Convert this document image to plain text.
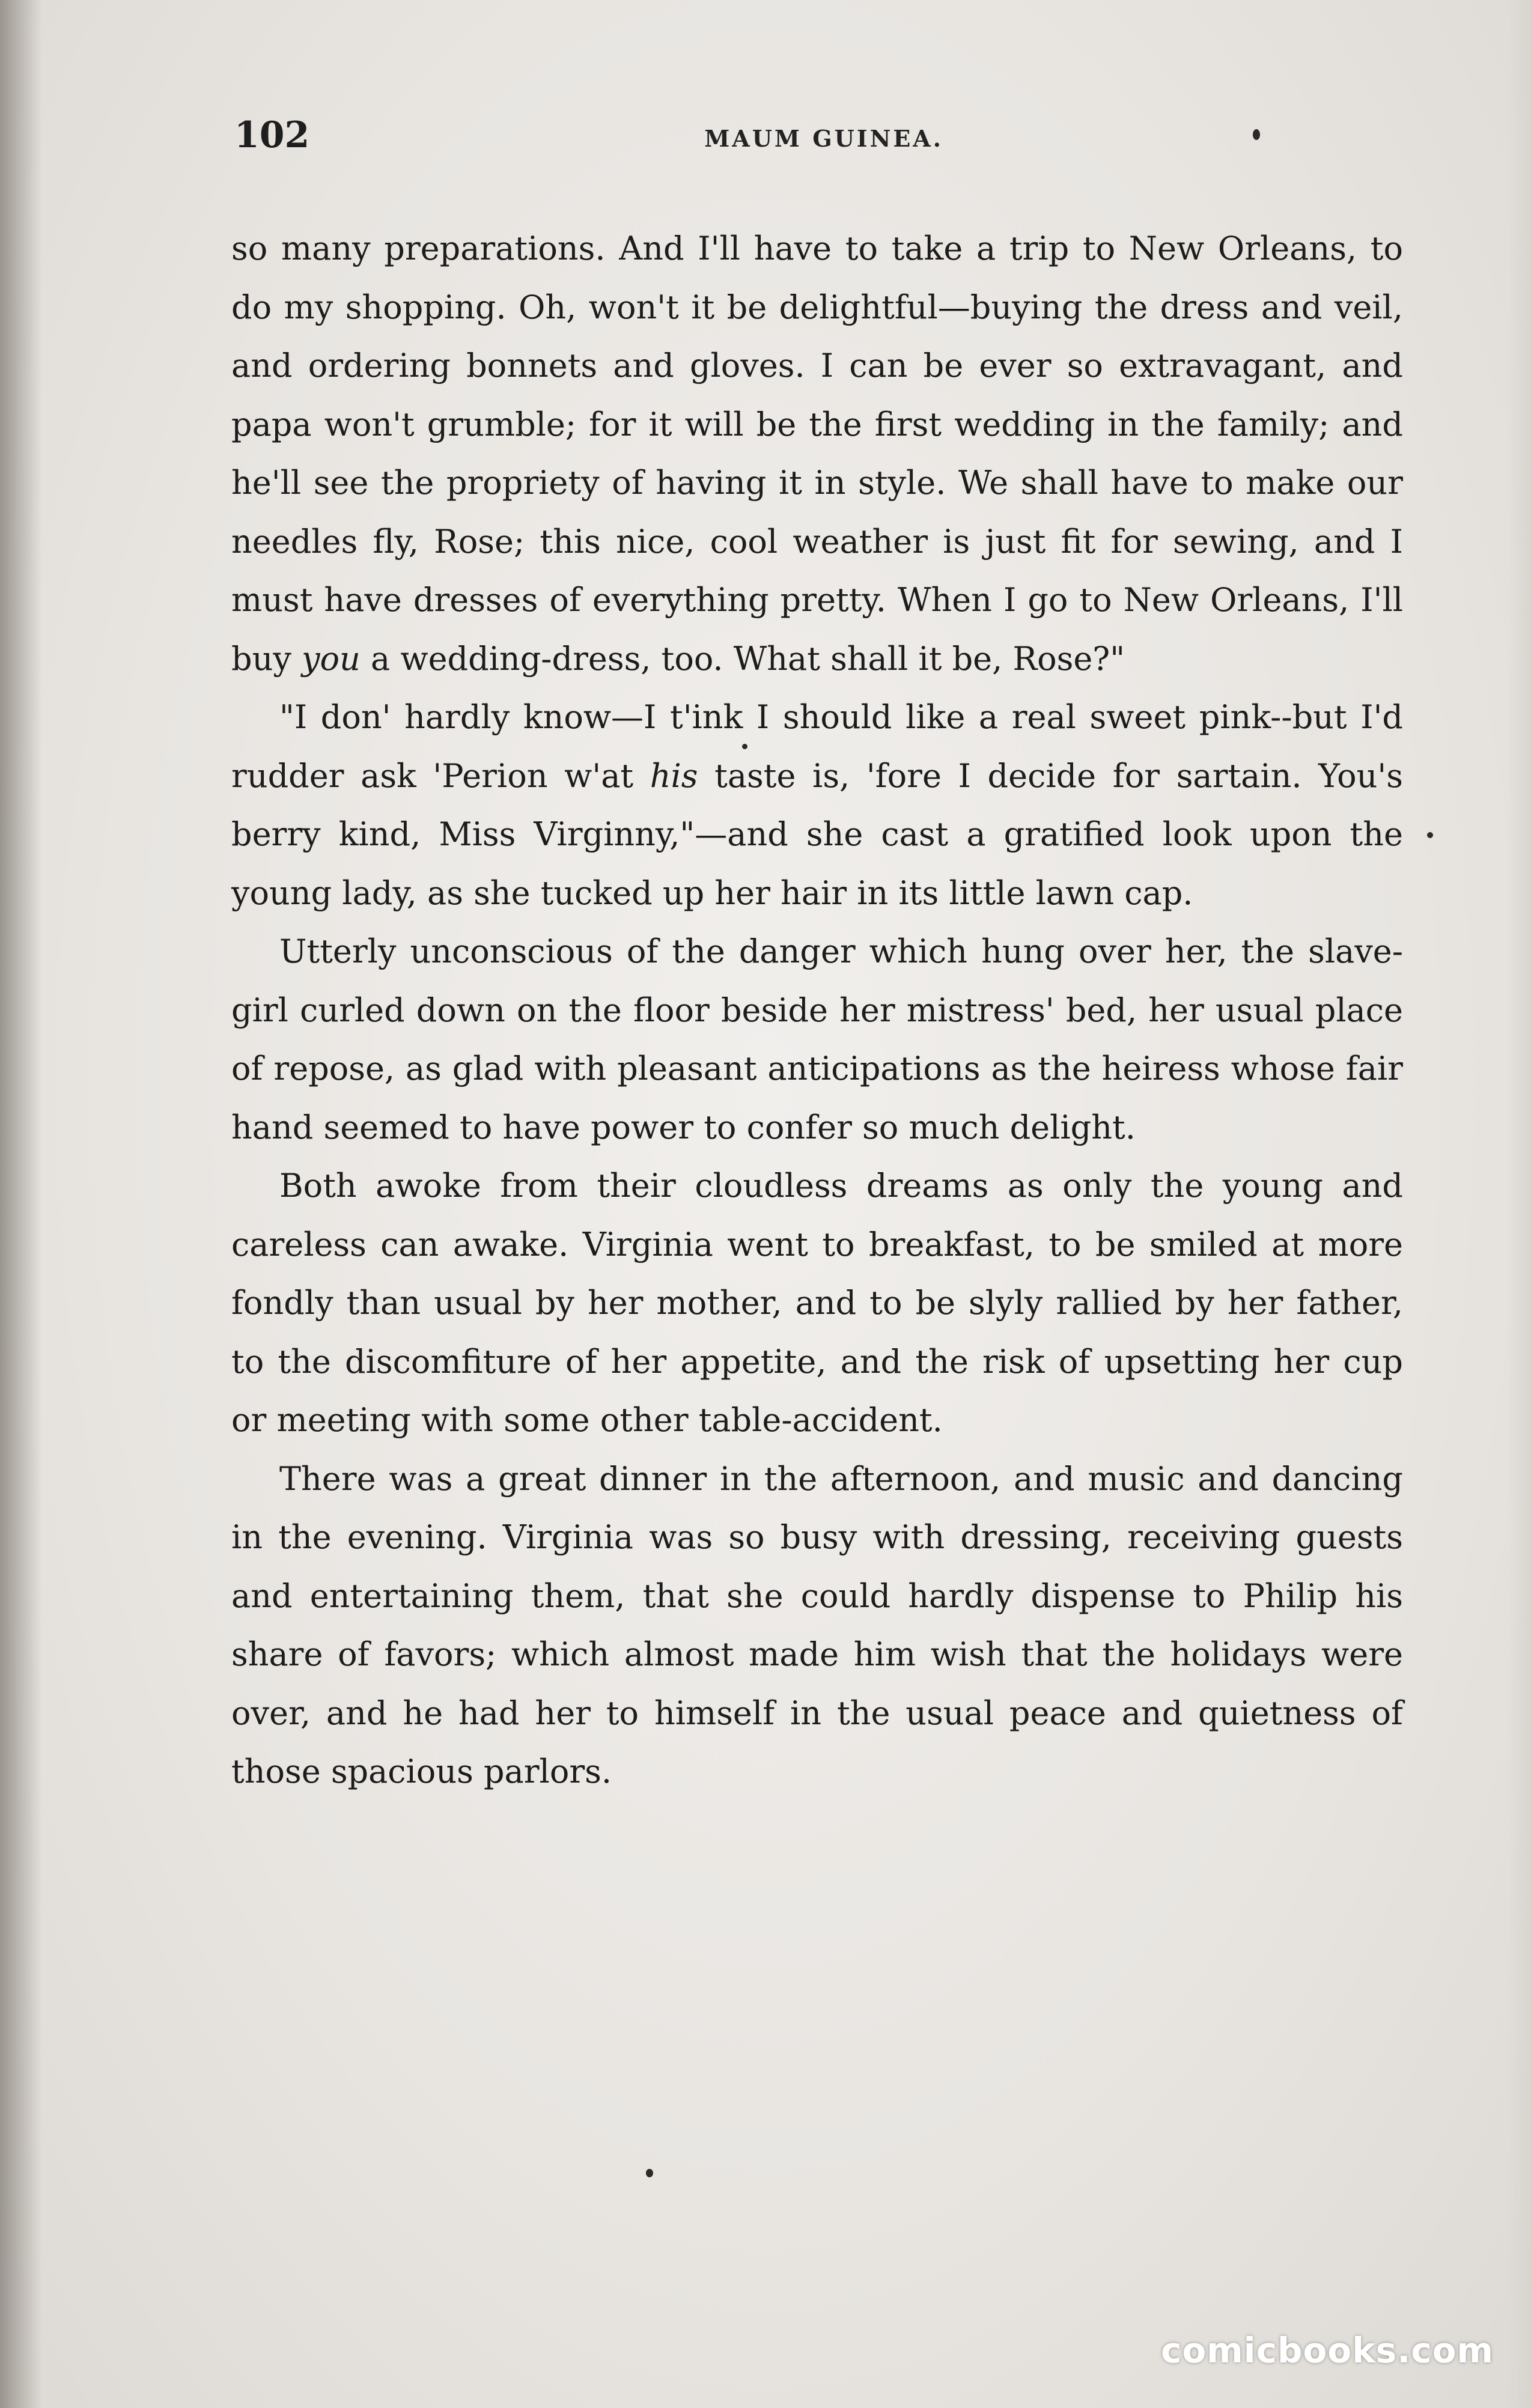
102	MAUM GUINEA.

so many preparations. And I'll have to take a trip to New Orleans, to do my shopping. Oh, won't it be delightful—buying the dress and veil, and ordering bonnets and gloves. I can be ever so extravagant, and papa won't grumble; for it will be the first wedding in the family; and he'll see the propriety of having it in style. We shall have to make our needles fly, Rose; this nice, cool weather is just fit for sewing, and I must have dresses of everything pretty. When I go to New Orleans, I'll buy you a wedding-dress, too. What shall it be, Rose?"

"I don' hardly know—I t'ink I should like a real sweet pink--but I'd rudder ask 'Perion w'at his taste is, 'fore I decide for sartain. You's berry kind, Miss Virginny,"—and she cast a gratified look upon the young lady, as she tucked up her hair in its little lawn cap.

Utterly unconscious of the danger which hung over her, the slave-girl curled down on the floor beside her mistress' bed, her usual place of repose, as glad with pleasant anticipations as the heiress whose fair hand seemed to have power to confer so much delight.

Both awoke from their cloudless dreams as only the young and careless can awake. Virginia went to breakfast, to be smiled at more fondly than usual by her mother, and to be slyly rallied by her father, to the discomfiture of her appetite, and the risk of upsetting her cup or meeting with some other table-accident.

There was a great dinner in the afternoon, and music and dancing in the evening. Virginia was so busy with dressing, receiving guests and entertaining them, that she could hardly dispense to Philip his share of favors; which almost made him wish that the holidays were over, and he had her to himself in the usual peace and quietness of those spacious parlors.

comicbooks.com
